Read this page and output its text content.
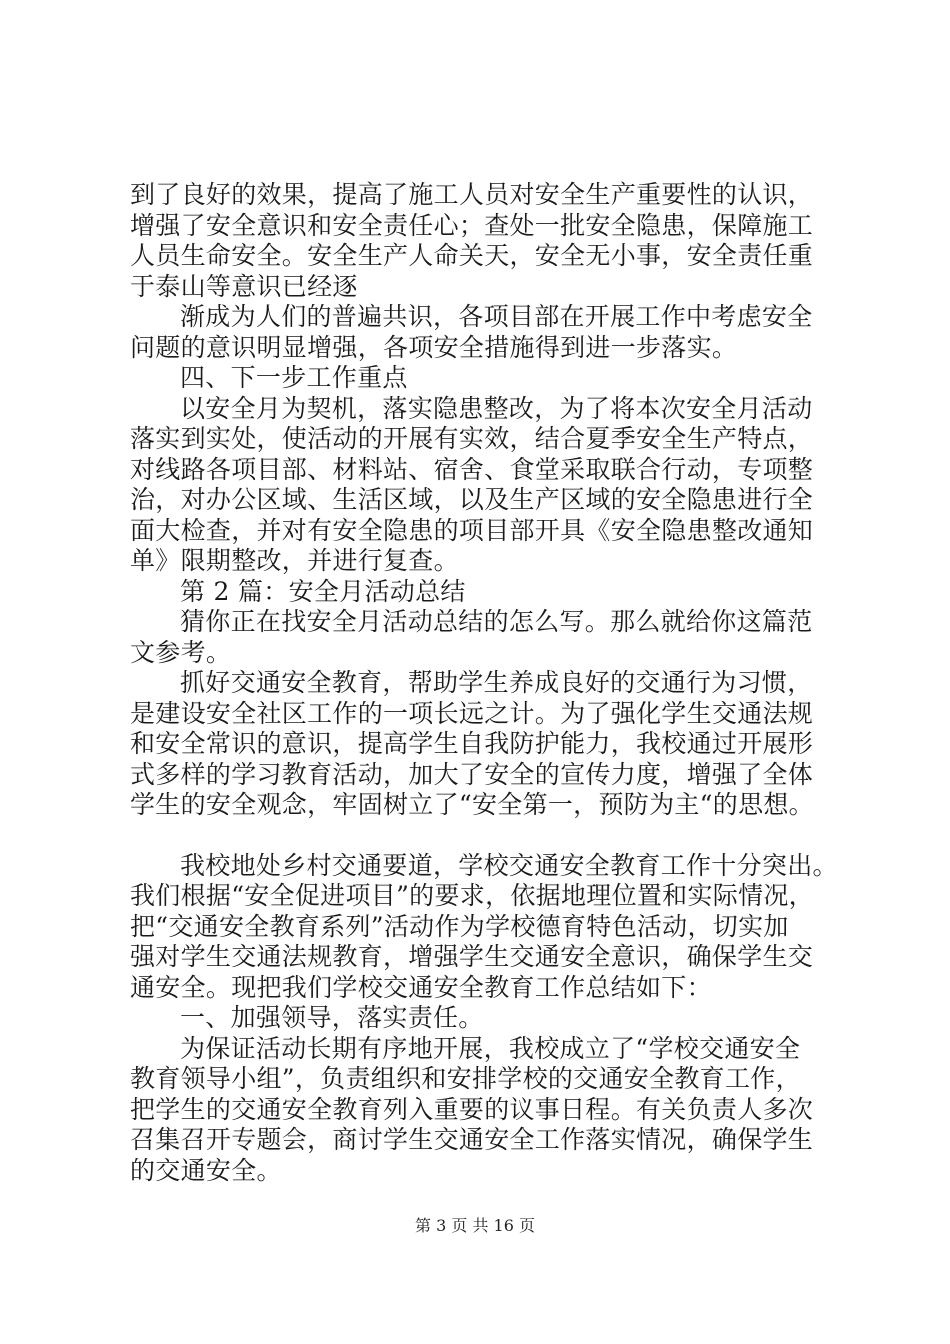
到了良好的效果，提高了施工人员对安全生产重要性的认识，
增强了安全意识和安全责任心；查处一批安全隐患，保障施工
人员生命安全。安全生产人命关天，安全无小事，安全责任重
于泰山等意识已经逐
渐成为人们的普遍共识，各项目部在开展工作中考虑安全
问题的意识明显增强，各项安全措施得到进一步落实。
四、下一步工作重点
以安全月为契机，落实隐患整改，为了将本次安全月活动
落实到实处，使活动的开展有实效，结合夏季安全生产特点，
对线路各项目部、材料站、宿舍、食堂采取联合行动，专项整
治，对办公区域、生活区域，以及生产区域的安全隐患进行全
面大检查，并对有安全隐患的项目部开具《安全隐患整改通知
单》限期整改，并进行复查。
第 2 篇：安全月活动总结
猜你正在找安全月活动总结的怎么写。那么就给你这篇范
文参考。
抓好交通安全教育，帮助学生养成良好的交通行为习惯，
是建设安全社区工作的一项长远之计。为了强化学生交通法规
和安全常识的意识，提高学生自我防护能力，我校通过开展形
式多样的学习教育活动，加大了安全的宣传力度，增强了全体
学生的安全观念，牢固树立了“安全第一，预防为主“的思想。
我校地处乡村交通要道，学校交通安全教育工作十分突出。
我们根据“安全促进项目”的要求，依据地理位置和实际情况，
把“交通安全教育系列”活动作为学校德育特色活动，切实加
强对学生交通法规教育，增强学生交通安全意识，确保学生交
通安全。现把我们学校交通安全教育工作总结如下：
一、加强领导，落实责任。
为保证活动长期有序地开展，我校成立了“学校交通安全
教育领导小组”，负责组织和安排学校的交通安全教育工作，
把学生的交通安全教育列入重要的议事日程。有关负责人多次
召集召开专题会，商讨学生交通安全工作落实情况，确保学生
的交通安全。
第 3 页 共 16 页
